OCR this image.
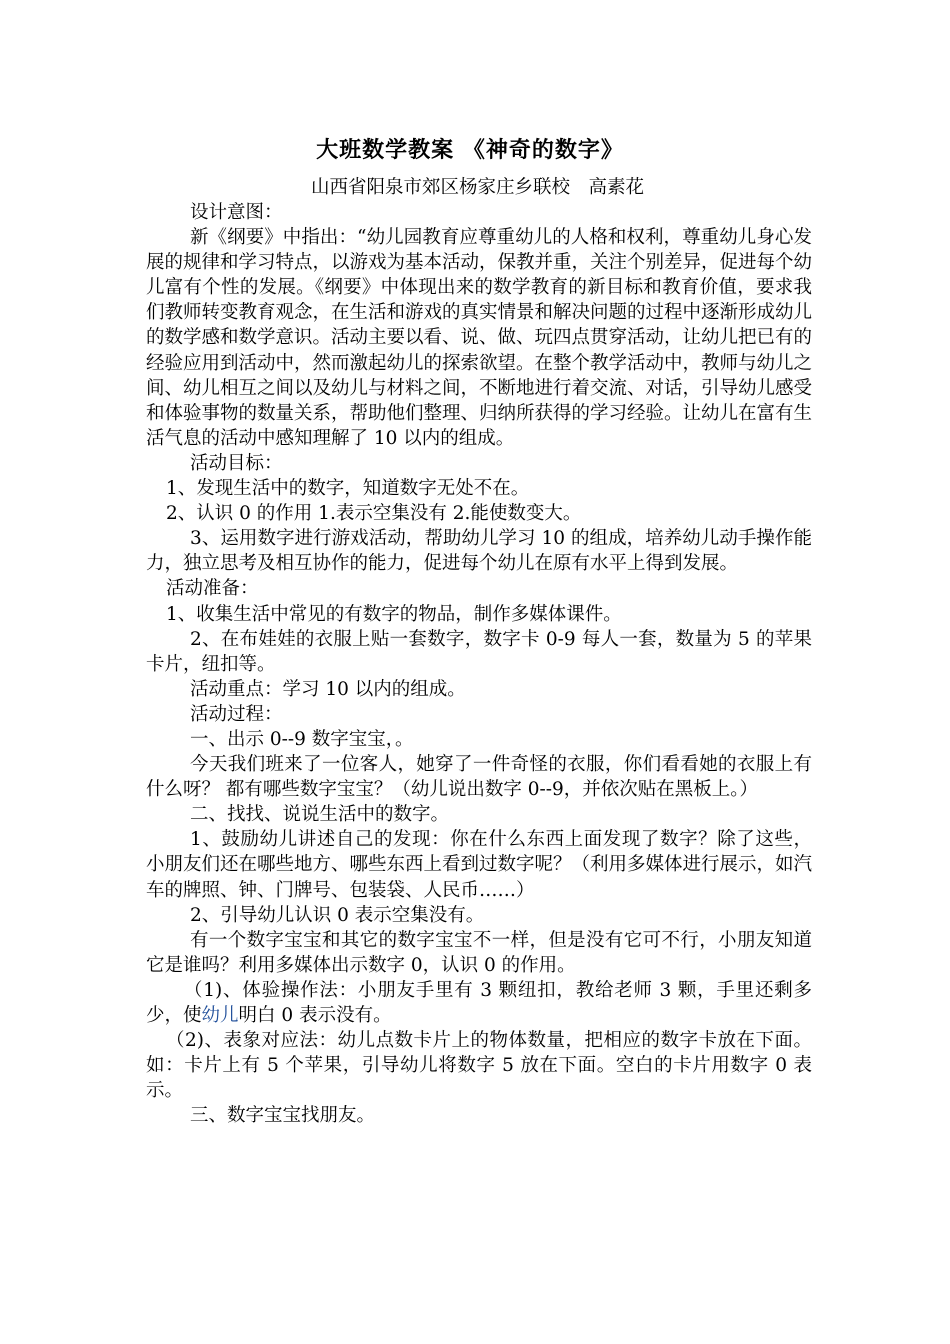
大班数学教案 《神奇的数字》
山西省阳泉市郊区杨家庄乡联校　高素花

设计意图：

新《纲要》中指出：“幼儿园教育应尊重幼儿的人格和权利，尊重幼儿身心发展的规律和学习特点，以游戏为基本活动，保教并重，关注个别差异，促进每个幼儿富有个性的发展。《纲要》中体现出来的数学教育的新目标和教育价值，要求我们教师转变教育观念，在生活和游戏的真实情景和解决问题的过程中逐渐形成幼儿的数学感和数学意识。活动主要以看、说、做、玩四点贯穿活动，让幼儿把已有的经验应用到活动中，然而激起幼儿的探索欲望。在整个教学活动中，教师与幼儿之间、幼儿相互之间以及幼儿与材料之间，不断地进行着交流、对话，引导幼儿感受和体验事物的数量关系，帮助他们整理、归纳所获得的学习经验。让幼儿在富有生活气息的活动中感知理解了 10 以内的组成。

活动目标：

1、发现生活中的数字，知道数字无处不在。

2、认识 0 的作用 1.表示空集没有 2.能使数变大。

3、运用数字进行游戏活动，帮助幼儿学习 10 的组成，培养幼儿动手操作能力，独立思考及相互协作的能力，促进每个幼儿在原有水平上得到发展。

活动准备：

1、收集生活中常见的有数字的物品，制作多媒体课件。

2、在布娃娃的衣服上贴一套数字，数字卡 0-9 每人一套，数量为 5 的苹果卡片，纽扣等。

活动重点：学习 10 以内的组成。

活动过程：

一、出示 0--9 数字宝宝，。

今天我们班来了一位客人，她穿了一件奇怪的衣服，你们看看她的衣服上有什么呀？ 都有哪些数字宝宝？（幼儿说出数字 0--9，并依次贴在黑板上。）

二、找找、说说生活中的数字。

1、鼓励幼儿讲述自己的发现：你在什么东西上面发现了数字？除了这些，小朋友们还在哪些地方、哪些东西上看到过数字呢？（利用多媒体进行展示，如汽车的牌照、钟、门牌号、包装袋、人民币……）

2、引导幼儿认识 0 表示空集没有。

有一个数字宝宝和其它的数字宝宝不一样，但是没有它可不行，小朋友知道它是谁吗？利用多媒体出示数字 0，认识 0 的作用。

（1)、体验操作法：小朋友手里有 3 颗纽扣，教给老师 3 颗，手里还剩多少，使幼儿明白 0 表示没有。

（2)、表象对应法：幼儿点数卡片上的物体数量，把相应的数字卡放在下面。如：卡片上有 5 个苹果，引导幼儿将数字 5 放在下面。空白的卡片用数字 0 表示。

三、数字宝宝找朋友。
